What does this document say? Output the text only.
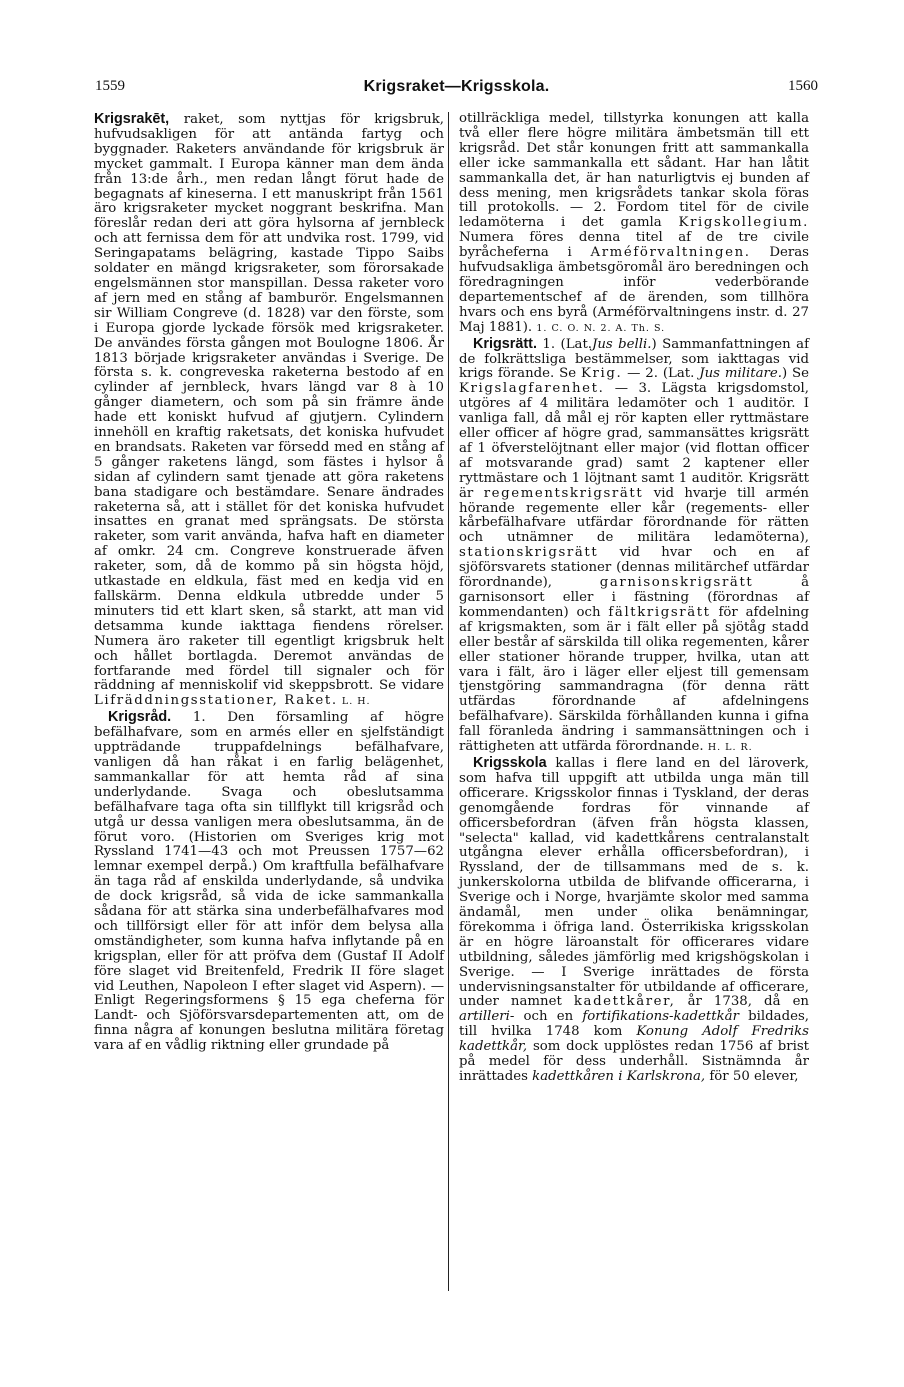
1559	Krigsraket—Krigsskola.	1560

Krigsrakēt, raket, som nyttjas för krigsbruk, hufvudsakligen för att antända fartyg och byggnader. Raketers användande för krigsbruk är mycket gammalt. I Europa känner man dem ända från 13:de årh., men redan långt förut hade de begagnats af kineserna. I ett manuskript från 1561 äro krigsraketer mycket noggrant beskrifna. Man föreslår redan deri att göra hylsorna af jernbleck och att fernissa dem för att undvika rost. 1799, vid Seringapatams belägring, kastade Tippo Saibs soldater en mängd krigsraketer, som förorsakade engelsmännen stor manspillan. Dessa raketer voro af jern med en stång af bamburör. Engelsmannen sir William Congreve (d. 1828) var den förste, som i Europa gjorde lyckade försök med krigsraketer. De användes första gången mot Boulogne 1806. År 1813 började krigsraketer användas i Sverige. De första s. k. congreveska raketerna bestodo af en cylinder af jernbleck, hvars längd var 8 à 10 gånger diametern, och som på sin främre ände hade ett koniskt hufvud af gjutjern. Cylindern innehöll en kraftig raketsats, det koniska hufvudet en brandsats. Raketen var försedd med en stång af 5 gånger raketens längd, som fästes i hylsor å sidan af cylindern samt tjenade att göra raketens bana stadigare och bestämdare. Senare ändrades raketerna så, att i stället för det koniska hufvudet insattes en granat med sprängsats. De största raketer, som varit använda, hafva haft en diameter af omkr. 24 cm. Congreve konstruerade äfven raketer, som, då de kommo på sin högsta höjd, utkastade en eldkula, fäst med en kedja vid en fallskärm. Denna eldkula utbredde under 5 minuters tid ett klart sken, så starkt, att man vid detsamma kunde iakttaga fiendens rörelser. Numera äro raketer till egentligt krigsbruk helt och hållet bortlagda. Deremot användas de fortfarande med fördel till signaler och för räddning af menniskolif vid skeppsbrott. Se vidare Lifräddningsstationer, Raket. L. H.

Krigsråd. 1. Den församling af högre befälhafvare, som en armés eller en sjelfständigt uppträdande truppafdelnings befälhafvare, vanligen då han råkat i en farlig belägenhet, sammankallar för att hemta råd af sina underlydande. Svaga och obeslutsamma befälhafvare taga ofta sin tillflykt till krigsråd och utgå ur dessa vanligen mera obeslutsamma, än de förut voro. (Historien om Sveriges krig mot Ryssland 1741—43 och mot Preussen 1757—62 lemnar exempel derpå.) Om kraftfulla befälhafvare än taga råd af enskilda underlydande, så undvika de dock krigsråd, så vida de icke sammankalla sådana för att stärka sina underbefälhafvares mod och tillförsigt eller för att inför dem belysa alla omständigheter, som kunna hafva inflytande på en krigsplan, eller för att pröfva dem (Gustaf II Adolf före slaget vid Breitenfeld, Fredrik II före slaget vid Leuthen, Napoleon I efter slaget vid Aspern). — Enligt Regeringsformens § 15 ega cheferna för Landt- och Sjöförsvarsdepartementen att, om de finna några af konungen beslutna militära företag vara af en vådlig riktning eller grundade på

otillräckliga medel, tillstyrka konungen att kalla två eller flere högre militära ämbetsmän till ett krigsråd. Det står konungen fritt att sammankalla eller icke sammankalla ett sådant. Har han låtit sammankalla det, är han naturligtvis ej bunden af dess mening, men krigsrådets tankar skola föras till protokolls. — 2. Fordom titel för de civile ledamöterna i det gamla Krigskollegium. Numera föres denna titel af de tre civile byråcheferna i Arméförvaltningen. Deras hufvudsakliga ämbetsgöromål äro beredningen och föredragningen inför vederbörande departementschef af de ärenden, som tillhöra hvars och ens byrå (Arméförvaltningens instr. d. 27 Maj 1881). 1. C. O. N. 2. A. Th. S.

Krigsrätt. 1. (Lat.Jus belli.) Sammanfattningen af de folkrättsliga bestämmelser, som iakttagas vid krigs förande. Se Krig. — 2. (Lat. Jus militare.) Se Krigslagfarenhet. — 3. Lägsta krigsdomstol, utgöres af 4 militära ledamöter och 1 auditör. I vanliga fall, då mål ej rör kapten eller ryttmästare eller officer af högre grad, sammansättes krigsrätt af 1 öfverstelöjtnant eller major (vid flottan officer af motsvarande grad) samt 2 kaptener eller ryttmästare och 1 löjtnant samt 1 auditör. Krigsrätt är regementskrigsrätt vid hvarje till armén hörande regemente eller kår (regements- eller kårbefälhafvare utfärdar förordnande för rätten och utnämner de militära ledamöterna), stationskrigsrätt vid hvar och en af sjöförsvarets stationer (dennas militärchef utfärdar förordnande),	garnisonskrigsrätt	å garnisonsort eller i fästning (förordnas af kommendanten) och fältkrigsrätt för afdelning af krigsmakten, som är i fält eller på sjötåg stadd eller består af särskilda till olika regementen, kårer eller stationer hörande trupper, hvilka, utan att vara i fält, äro i läger eller eljest till gemensam tjenstgöring sammandragna (för denna rätt utfärdas förordnande af afdelningens befälhafvare). Särskilda förhållanden kunna i gifna fall föranleda ändring i sammansättningen och i rättigheten att utfärda förordnande. H. L. R.

Krigsskola kallas i flere land en del läroverk, som hafva till uppgift att utbilda unga män till officerare. Krigsskolor finnas i Tyskland, der deras genomgående fordras för vinnande af officersbefordran (äfven från högsta klassen, "selecta" kallad, vid kadettkårens centralanstalt utgångna elever erhålla officersbefordran), i Ryssland, der de tillsammans med de s. k. junkerskolorna utbilda de blifvande officerarna, i Sverige och i Norge, hvarjämte skolor med samma ändamål, men under olika benämningar, förekomma i öfriga land. Österrikiska krigsskolan är en högre läroanstalt för officerares vidare utbildning, således jämförlig med krigshögskolan i Sverige. — I Sverige inrättades de första undervisningsanstalter för utbildande af officerare, under namnet kadettkårer, år 1738, då en artilleri- och en fortifikations-kadettkår bildades, till hvilka 1748 kom Konung Adolf Fredriks kadettkår, som dock upplöstes redan 1756 af brist på medel för dess underhåll. Sistnämnda år inrättades kadettkåren i Karlskrona, för 50 elever,
